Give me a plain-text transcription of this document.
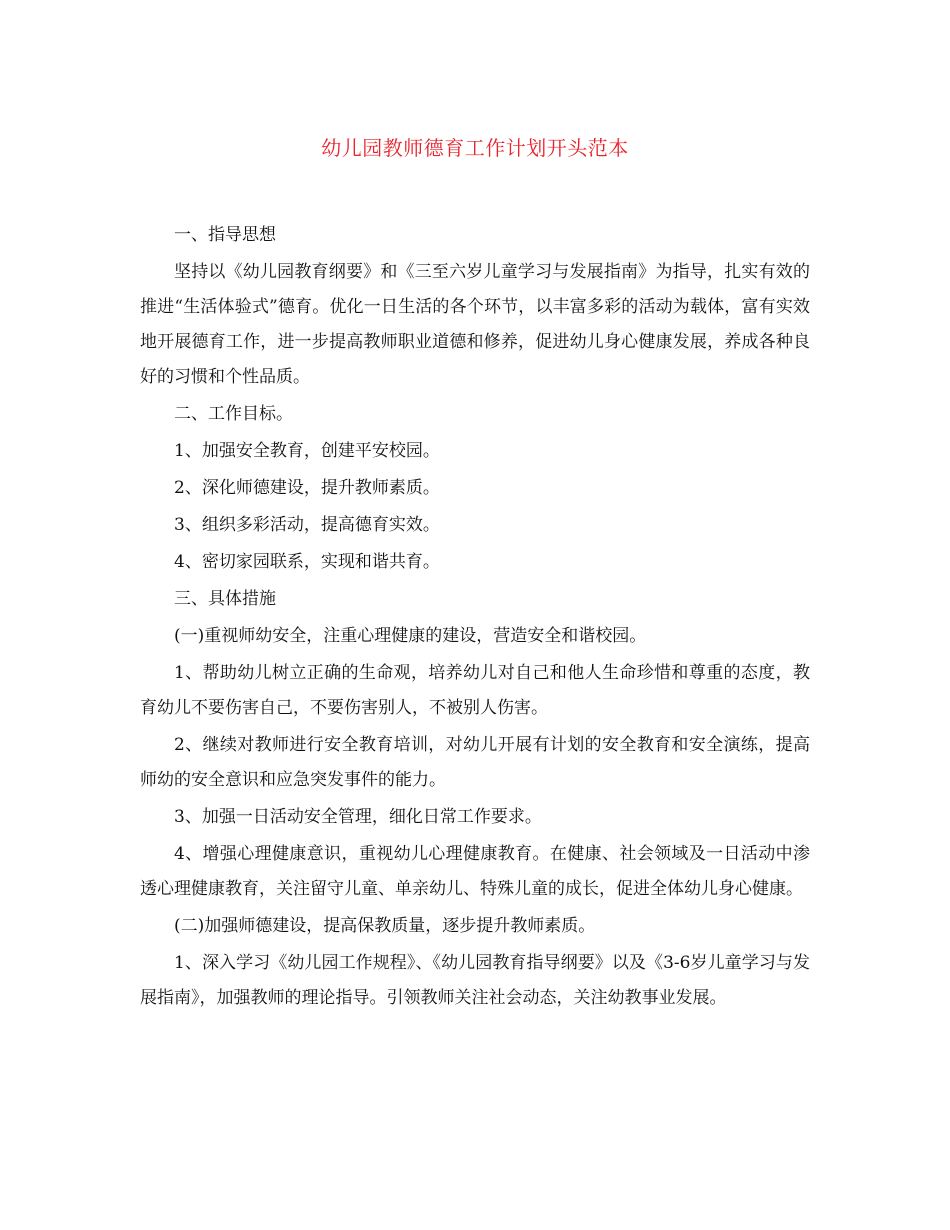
幼儿园教师德育工作计划开头范本

一、指导思想

坚持以《幼儿园教育纲要》和《三至六岁儿童学习与发展指南》为指导，扎实有效的推进“生活体验式”德育。优化一日生活的各个环节，以丰富多彩的活动为载体，富有实效地开展德育工作，进一步提高教师职业道德和修养，促进幼儿身心健康发展，养成各种良好的习惯和个性品质。

二、工作目标。

1、加强安全教育，创建平安校园。

2、深化师德建设，提升教师素质。

3、组织多彩活动，提高德育实效。

4、密切家园联系，实现和谐共育。

三、具体措施

(一)重视师幼安全，注重心理健康的建设，营造安全和谐校园。

1、帮助幼儿树立正确的生命观，培养幼儿对自己和他人生命珍惜和尊重的态度，教育幼儿不要伤害自己，不要伤害别人，不被别人伤害。

2、继续对教师进行安全教育培训，对幼儿开展有计划的安全教育和安全演练，提高师幼的安全意识和应急突发事件的能力。

3、加强一日活动安全管理，细化日常工作要求。

4、增强心理健康意识，重视幼儿心理健康教育。在健康、社会领域及一日活动中渗透心理健康教育，关注留守儿童、单亲幼儿、特殊儿童的成长，促进全体幼儿身心健康。

(二)加强师德建设，提高保教质量，逐步提升教师素质。

1、深入学习《幼儿园工作规程》、《幼儿园教育指导纲要》以及《3-6岁儿童学习与发展指南》，加强教师的理论指导。引领教师关注社会动态，关注幼教事业发展。
